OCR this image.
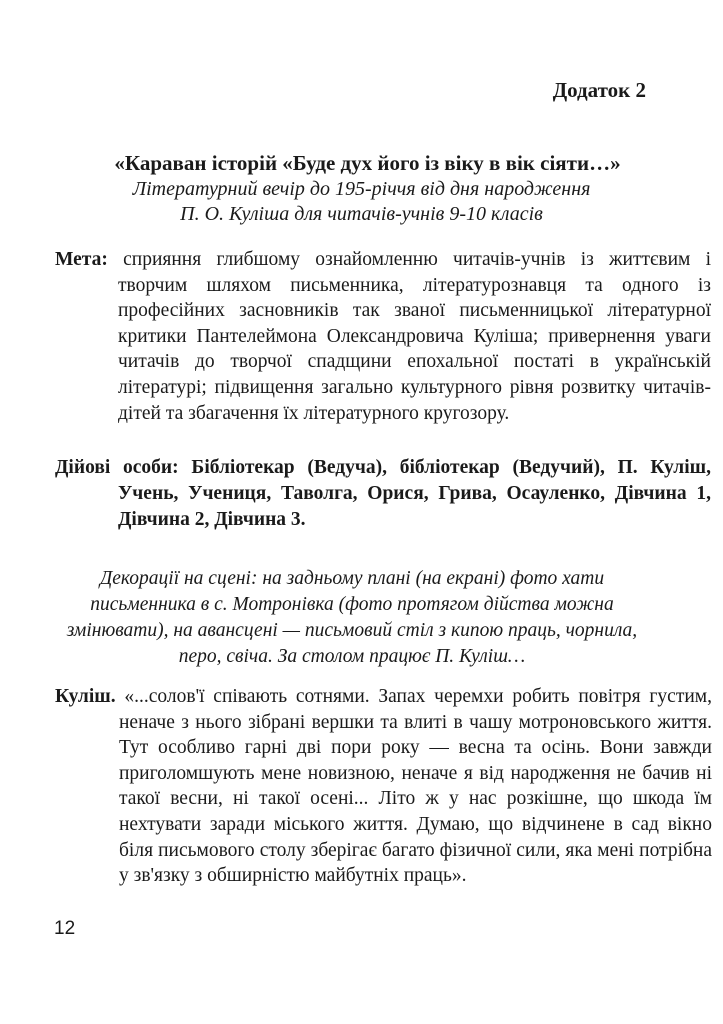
Додаток 2
«Караван історій «Буде дух його із віку в вік сіяти…»
Літературний вечір до 195-річчя від дня народження
П. О. Куліша для читачів-учнів 9-10 класів
Мета: сприяння глибшому ознайомленню читачів-учнів із життєвим і творчим шляхом письменника, літературознавця та одного із професійних засновників так званої письменницької літературної критики Пантелеймона Олександровича Куліша; привернення уваги читачів до творчої спадщини епохальної постаті в українській літературі; підвищення загально культурного рівня розвитку читачів-дітей та збагачення їх літературного кругозору.
Дійові особи: Бібліотекар (Ведуча), бібліотекар (Ведучий), П. Куліш, Учень, Учениця, Таволга, Орися, Грива, Осауленко, Дівчина 1, Дівчина 2, Дівчина 3.
Декорації на сцені: на задньому плані (на екрані) фото хати письменника в с. Мотронівка (фото протягом дійства можна змінювати), на авансцені — письмовий стіл з кипою праць, чорнила, перо, свіча. За столом працює П. Куліш…
Куліш. «...солов'ї співають сотнями. Запах черемхи робить повітря густим, неначе з нього зібрані вершки та влиті в чашу мотроновського життя. Тут особливо гарні дві пори року — весна та осінь. Вони завжди приголомшують мене новизною, неначе я від народження не бачив ні такої весни, ні такої осені... Літо ж у нас розкішне, що шкода їм нехтувати заради міського життя. Думаю, що відчинене в сад вікно біля письмового столу зберігає багато фізичної сили, яка мені потрібна у зв'язку з обширністю майбутніх праць».
12
